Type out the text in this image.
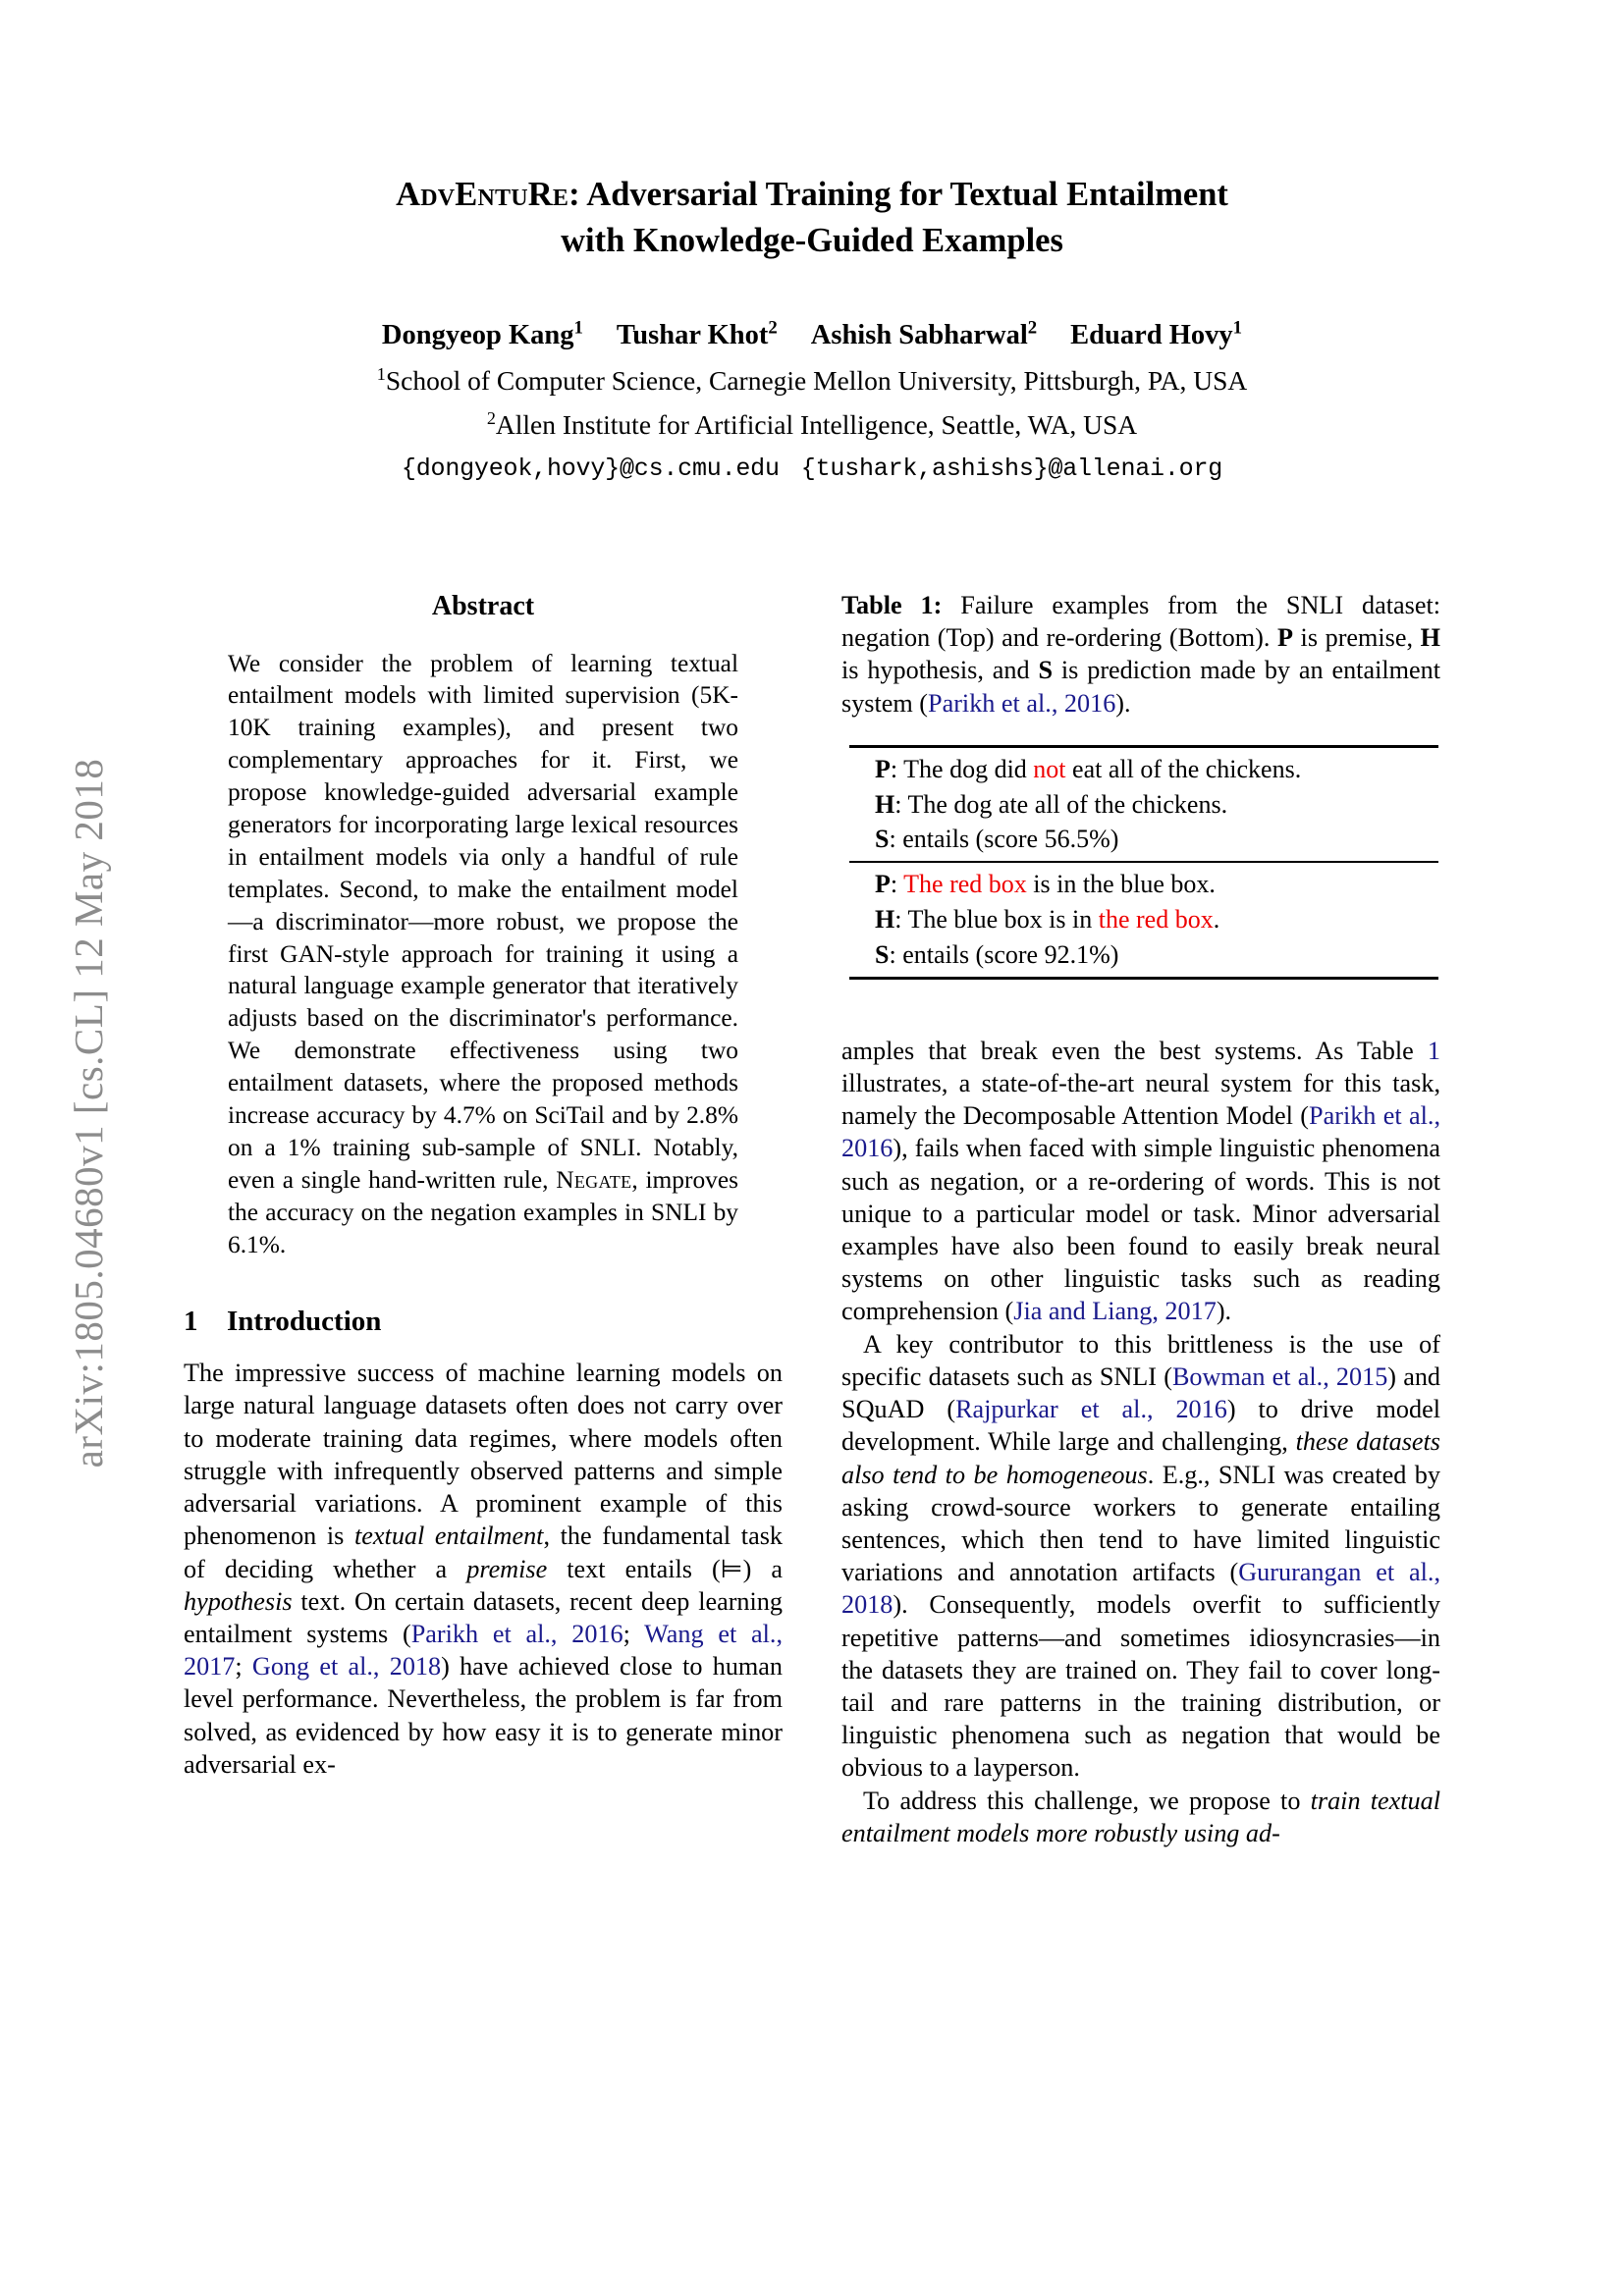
arXiv:1805.04680v1 [cs.CL] 12 May 2018
AdvEntuRe: Adversarial Training for Textual Entailment
with Knowledge-Guided Examples
Dongyeop Kang$^1$ Tushar Khot$^2$ Ashish Sabharwal$^2$ Eduard Hovy$^1$
$^1$School of Computer Science, Carnegie Mellon University, Pittsburgh, PA, USA
$^2$Allen Institute for Artificial Intelligence, Seattle, WA, USA
{dongyeok,hovy}@cs.cmu.edu {tushark,ashishs}@allenai.org
Abstract

We consider the problem of learning textual entailment models with limited supervision (5K-10K training examples), and present two complementary approaches for it. First, we propose knowledge-guided adversarial example generators for incorporating large lexical resources in entailment models via only a handful of rule templates. Second, to make the entailment model—a discriminator—more robust, we propose the first GAN-style approach for training it using a natural language example generator that iteratively adjusts based on the discriminator's performance. We demonstrate effectiveness using two entailment datasets, where the proposed methods increase accuracy by 4.7% on SciTail and by 2.8% on a 1% training sub-sample of SNLI. Notably, even a single hand-written rule, Negate, improves the accuracy on the negation examples in SNLI by 6.1%.

1 Introduction

The impressive success of machine learning models on large natural language datasets often does not carry over to moderate training data regimes, where models often struggle with infrequently observed patterns and simple adversarial variations. A prominent example of this phenomenon is textual entailment, the fundamental task of deciding whether a premise text entails (⊨) a hypothesis text. On certain datasets, recent deep learning entailment systems (Parikh et al., 2016; Wang et al., 2017; Gong et al., 2018) have achieved close to human level performance. Nevertheless, the problem is far from solved, as evidenced by how easy it is to generate minor adversarial ex-

Table 1: Failure examples from the SNLI dataset: negation (Top) and re-ordering (Bottom). P is premise, H is hypothesis, and S is prediction made by an entailment system (Parikh et al., 2016).
P: The dog did not eat all of the chickens.
H: The dog ate all of the chickens.
S: entails (score 56.5%)
P: The red box is in the blue box.
H: The blue box is in the red box.
S: entails (score 92.1%)

amples that break even the best systems. As Table 1 illustrates, a state-of-the-art neural system for this task, namely the Decomposable Attention Model (Parikh et al., 2016), fails when faced with simple linguistic phenomena such as negation, or a re-ordering of words. This is not unique to a particular model or task. Minor adversarial examples have also been found to easily break neural systems on other linguistic tasks such as reading comprehension (Jia and Liang, 2017).

A key contributor to this brittleness is the use of specific datasets such as SNLI (Bowman et al., 2015) and SQuAD (Rajpurkar et al., 2016) to drive model development. While large and challenging, these datasets also tend to be homogeneous. E.g., SNLI was created by asking crowd-source workers to generate entailing sentences, which then tend to have limited linguistic variations and annotation artifacts (Gururangan et al., 2018). Consequently, models overfit to sufficiently repetitive patterns—and sometimes idiosyncrasies—in the datasets they are trained on. They fail to cover long-tail and rare patterns in the training distribution, or linguistic phenomena such as negation that would be obvious to a layperson.

To address this challenge, we propose to train textual entailment models more robustly using ad-
